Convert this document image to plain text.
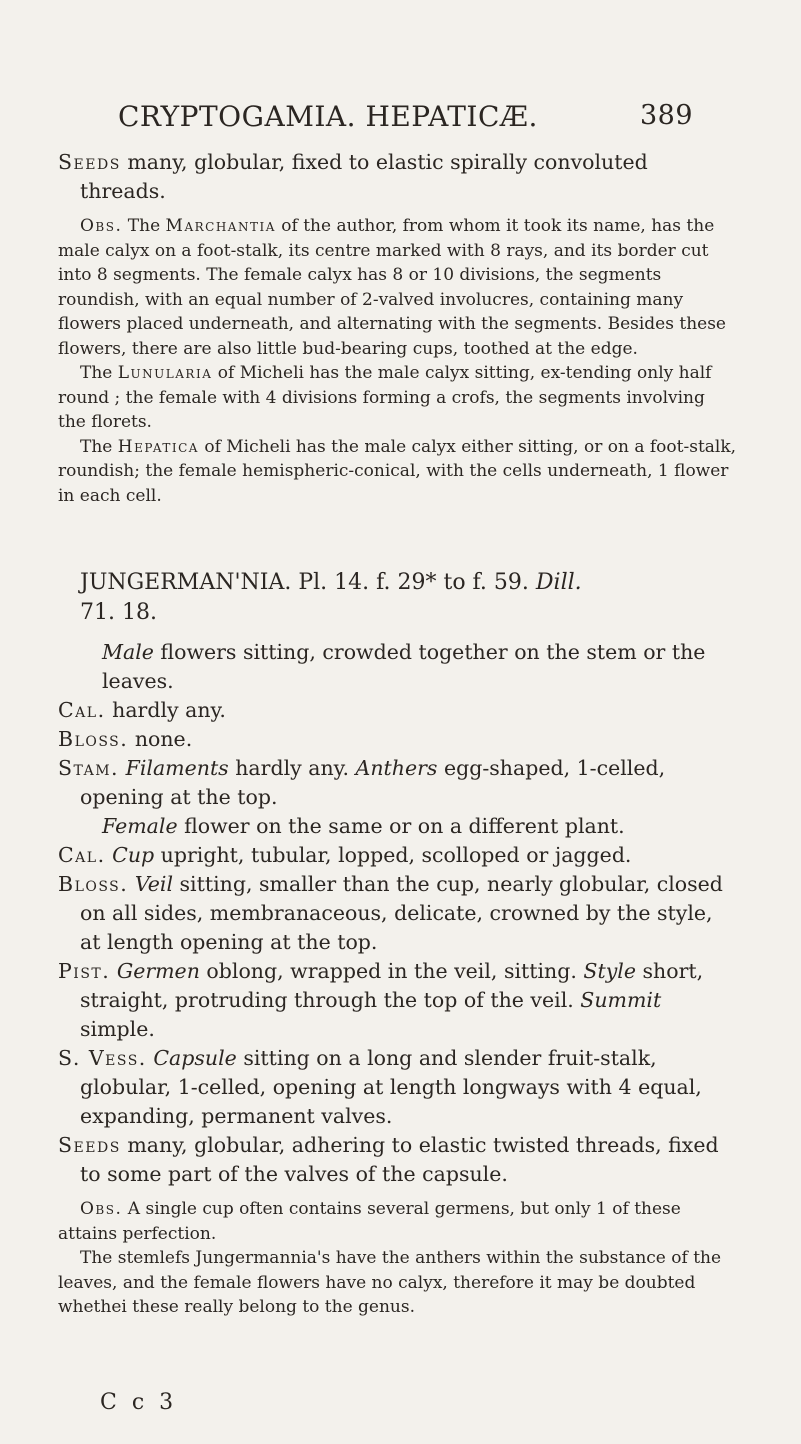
CRYPTOGAMIA. HEPATICÆ.	389

Seeds many, globular, fixed to elastic spirally convoluted threads.

Obs. The Marchantia of the author, from whom it took its name, has the male calyx on a foot-stalk, its centre marked with 8 rays, and its border cut into 8 segments. The female calyx has 8 or 10 divisions, the segments roundish, with an equal number of 2-valved involucres, containing many flowers placed underneath, and alternating with the segments. Besides these flowers, there are also little bud-bearing cups, toothed at the edge.

The Lunularia of Micheli has the male calyx sitting, ex-tending only half round ; the female with 4 divisions forming a crofs, the segments involving the florets.

The Hepatica of Micheli has the male calyx either sitting, or on a foot-stalk, roundish; the female hemispheric-conical, with the cells underneath, 1 flower in each cell.

JUNGERMAN'NIA. Pl. 14. f. 29* to f. 59. Dill.

71. 18.

Male flowers sitting, crowded together on the stem or the leaves.

Cal. hardly any.

Bloss. none.

Stam. Filaments hardly any. Anthers egg-shaped, 1-celled, opening at the top.

Female flower on the same or on a different plant.

Cal. Cup upright, tubular, lopped, scolloped or jagged.

Bloss. Veil sitting, smaller than the cup, nearly globular, closed on all sides, membranaceous, delicate, crowned by the style, at length opening at the top.

Pist. Germen oblong, wrapped in the veil, sitting. Style short, straight, protruding through the top of the veil. Summit simple.

S. Vess. Capsule sitting on a long and slender fruit-stalk, globular, 1-celled, opening at length longways with 4 equal, expanding, permanent valves.

Seeds many, globular, adhering to elastic twisted threads, fixed to some part of the valves of the capsule.

Obs. A single cup often contains several germens, but only 1 of these attains perfection.

The stemlefs Jungermannia's have the anthers within the substance of the leaves, and the female flowers have no calyx, therefore it may be doubted whethei these really belong to the genus.

C c 3
